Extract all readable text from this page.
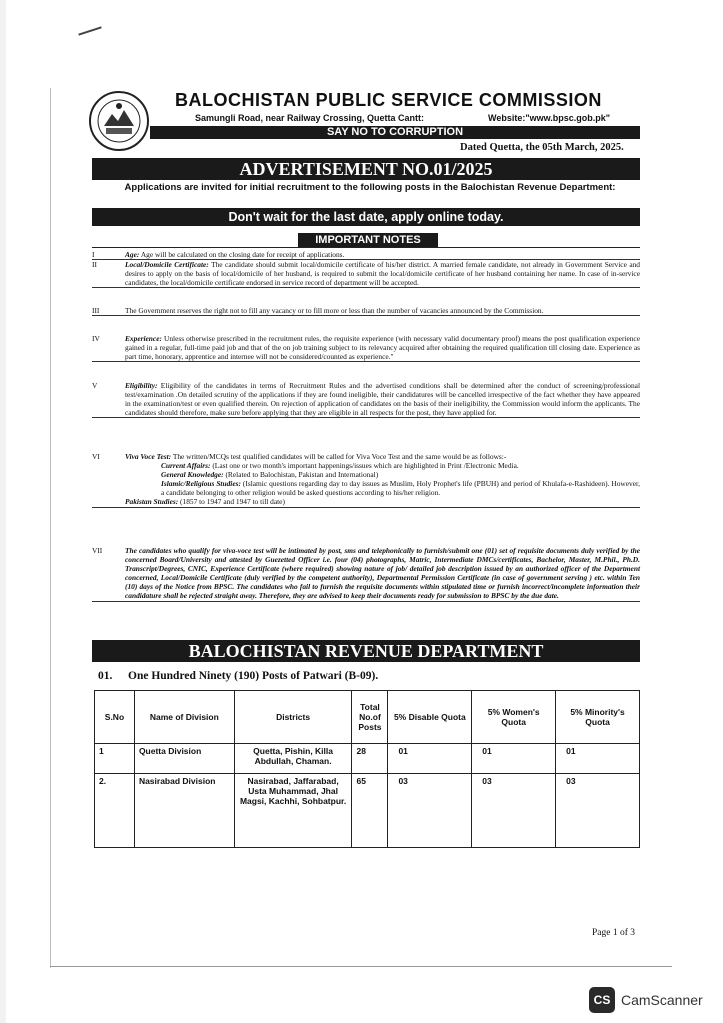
BALOCHISTAN PUBLIC SERVICE COMMISSION
Samungli Road, near Railway Crossing, Quetta Cantt:	Website:"www.bpsc.gob.pk"
SAY NO TO CORRUPTION
Dated Quetta, the 05th March, 2025.
ADVERTISEMENT NO.01/2025
Applications are invited for initial recruitment to the following posts in the Balochistan Revenue Department:
Don't wait for the last date, apply online today.
IMPORTANT NOTES
I	Age: Age will be calculated on the closing date for receipt of applications.
II	Local/Domicile Certificate: The candidate should submit local/domicile certificate of his/her district. A married female candidate, not already in Government Service and desires to apply on the basis of local/domicile of her husband, is required to submit the local/domicile certificate of her husband containing her name. In case of in-service candidates, the local/domicile certificate endorsed in service record of department will be accepted.
III	The Government reserves the right not to fill any vacancy or to fill more or less than the number of vacancies announced by the Commission.
IV	Experience: Unless otherwise prescribed in the recruitment rules, the requisite experience (with necessary valid documentary proof) means the post qualification experience gained in a regular, full-time paid job and that of the on job training subject to its relevancy acquired after obtaining the required qualification till closing date. Experience as part time, honorary, apprentice and internee will not be considered/counted as experience."
V	Eligibility: Eligibility of the candidates in terms of Recruitment Rules and the advertised conditions shall be determined after the conduct of screening/professional test/examination .On detailed scrutiny of the applications if they are found ineligible, their candidatures will be cancelled irrespective of the fact whether they have appeared in the examination/test or even qualified therein. On rejection of application of candidates on the basis of their ineligibility, the Commission would inform the applicants. The candidates should therefore, make sure before applying that they are eligible in all respects for the post, they have applied for.
VI	Viva Voce Test: The written/MCQs test qualified candidates will be called for Viva Voce Test and the same would be as follows:-
Current Affairs: (Last one or two month's important happenings/issues which are highlighted in Print /Electronic Media.
General Knowledge: (Related to Balochistan, Pakistan and International)
Islamic/Religious Studies: (Islamic questions regarding day to day issues as Muslim, Holy Prophet's life (PBUH) and period of Khulafa-e-Rashideen). However, a candidate belonging to other religion would be asked questions according to his/her religion.
Pakistan Studies: (1857 to 1947 and 1947 to till date)
VII	The candidates who qualify for viva-voce test will be intimated by post, sms and telephonically to furnish/submit one (01) set of requisite documents duly verified by the concerned Board/University and attested by Guezetted Officer i.e. four (04) photographs, Matric, Intermediate DMCs/certificates, Bachelor, Master, M.Phil., Ph.D. Transcript/Degrees, CNIC, Experience Certificate (where required) showing nature of job/ detailed job description issued by an authorized officer of the Department concerned, Local/Domicile Certificate (duly verified by the competent authority), Departmental Permission Certificate (in case of government serving ) etc. within Ten (10) days of the Notice from BPSC. The candidates who fail to furnish the requisite documents within stipulated time or furnish incorrect/incomplete information their candidature shall be rejected straight away. Therefore, they are advised to keep their documents ready for submission to BPSC by the due date.
BALOCHISTAN REVENUE DEPARTMENT
01. One Hundred Ninety (190) Posts of Patwari (B-09).
S.No	Name of Division	Districts	Total No.of Posts	5% Disable Quota	5% Women's Quota	5% Minority's Quota
1	Quetta Division	Quetta, Pishin, Killa Abdullah, Chaman.	28	01	01	01
2.	Nasirabad Division	Nasirabad, Jaffarabad, Usta Muhammad, Jhal Magsi, Kachhi, Sohbatpur.	65	03	03	03
Page 1 of 3
CS CamScanner
